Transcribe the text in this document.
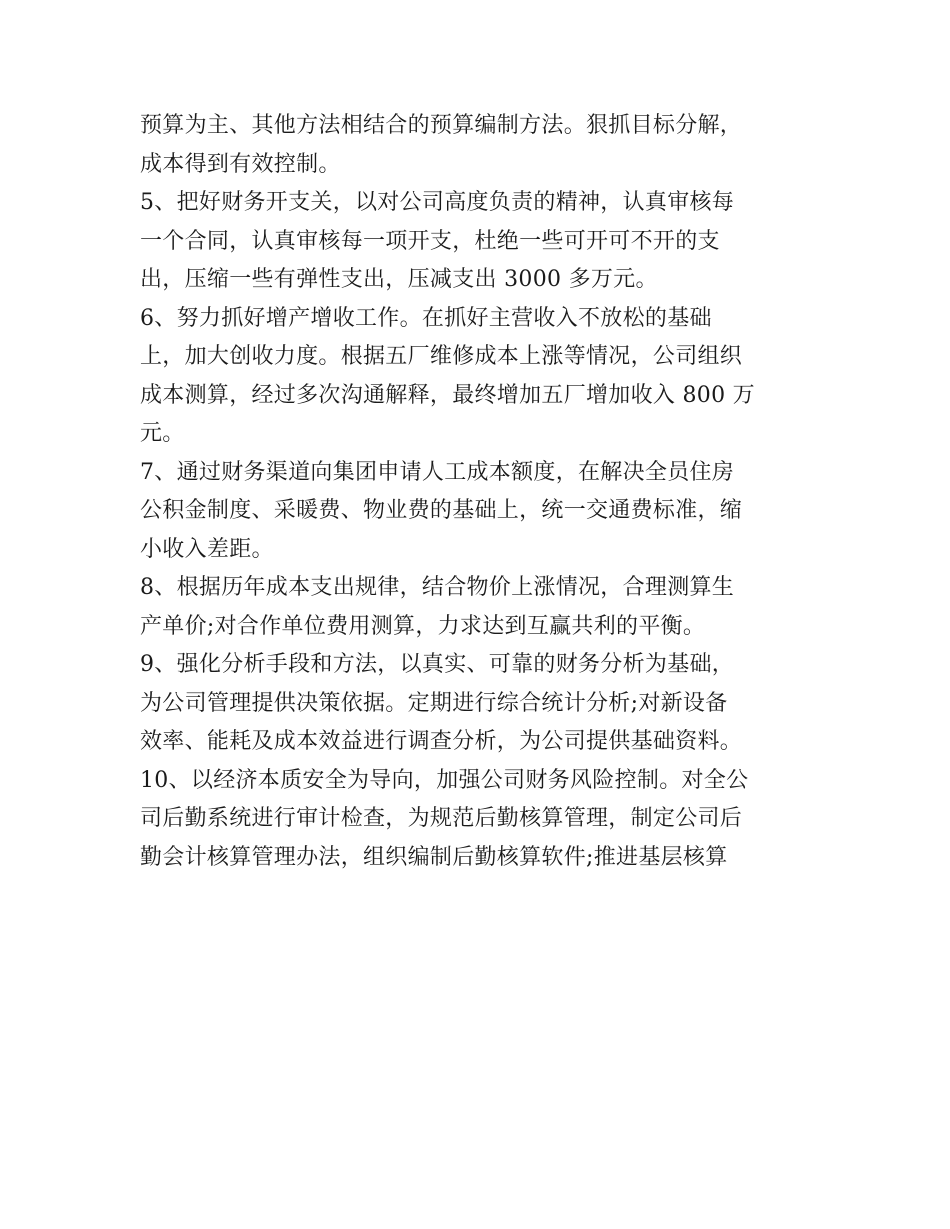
预算为主、其他方法相结合的预算编制方法。狠抓目标分解，
成本得到有效控制。
5、把好财务开支关，以对公司高度负责的精神，认真审核每
一个合同，认真审核每一项开支，杜绝一些可开可不开的支
出，压缩一些有弹性支出，压减支出 3000 多万元。
6、努力抓好增产增收工作。在抓好主营收入不放松的基础
上，加大创收力度。根据五厂维修成本上涨等情况，公司组织
成本测算，经过多次沟通解释，最终增加五厂增加收入 800 万
元。
7、通过财务渠道向集团申请人工成本额度，在解决全员住房
公积金制度、采暖费、物业费的基础上，统一交通费标准，缩
小收入差距。
8、根据历年成本支出规律，结合物价上涨情况，合理测算生
产单价;对合作单位费用测算，力求达到互赢共利的平衡。
9、强化分析手段和方法，以真实、可靠的财务分析为基础，
为公司管理提供决策依据。定期进行综合统计分析;对新设备
效率、能耗及成本效益进行调查分析，为公司提供基础资料。
10、以经济本质安全为导向，加强公司财务风险控制。对全公
司后勤系统进行审计检查，为规范后勤核算管理，制定公司后
勤会计核算管理办法，组织编制后勤核算软件;推进基层核算
